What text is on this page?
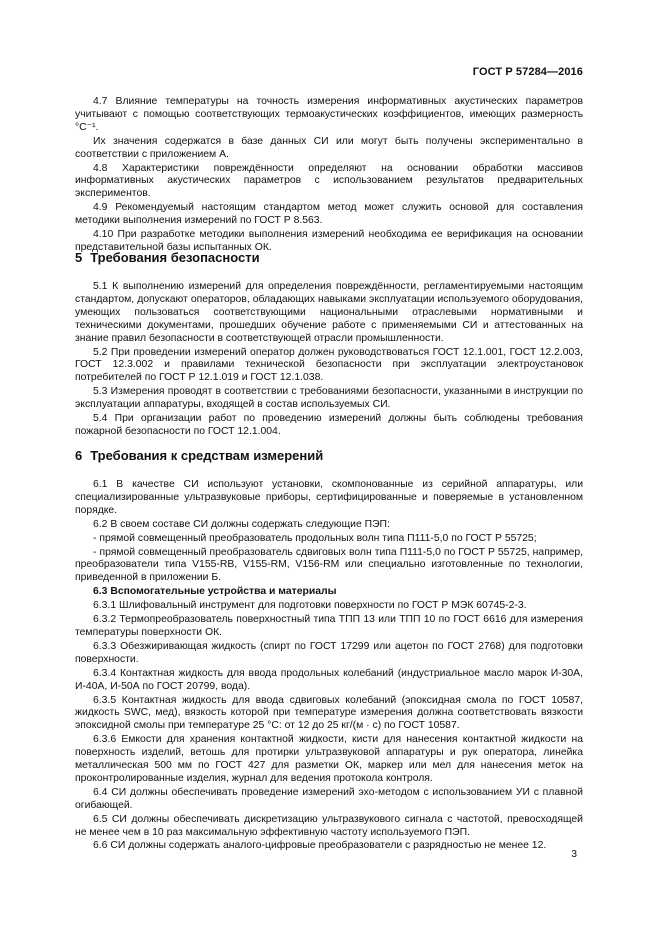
ГОСТ Р 57284—2016

4.7 Влияние температуры на точность измерения информативных акустических параметров учитывают с помощью соответствующих термоакустических коэффициентов, имеющих размерность °С⁻¹.

Их значения содержатся в базе данных СИ или могут быть получены экспериментально в соответствии с приложением А.

4.8 Характеристики повреждённости определяют на основании обработки массивов информативных акустических параметров с использованием результатов предварительных экспериментов.

4.9 Рекомендуемый настоящим стандартом метод может служить основой для составления методики выполнения измерений по ГОСТ Р 8.563.

4.10 При разработке методики выполнения измерений необходима ее верификация на основании представительной базы испытанных ОК.

5 Требования безопасности

5.1 К выполнению измерений для определения повреждённости, регламентируемыми настоящим стандартом, допускают операторов, обладающих навыками эксплуатации используемого оборудования, умеющих пользоваться соответствующими национальными отраслевыми нормативными и техническими документами, прошедших обучение работе с применяемыми СИ и аттестованных на знание правил безопасности в соответствующей отрасли промышленности.

5.2 При проведении измерений оператор должен руководствоваться ГОСТ 12.1.001, ГОСТ 12.2.003, ГОСТ 12.3.002 и правилами технической безопасности при эксплуатации электроустановок потребителей по ГОСТ Р 12.1.019 и ГОСТ 12.1.038.

5.3 Измерения проводят в соответствии с требованиями безопасности, указанными в инструкции по эксплуатации аппаратуры, входящей в состав используемых СИ.

5.4 При организации работ по проведению измерений должны быть соблюдены требования пожарной безопасности по ГОСТ 12.1.004.

6 Требования к средствам измерений

6.1 В качестве СИ используют установки, скомпонованные из серийной аппаратуры, или специализированные ультразвуковые приборы, сертифицированные и поверяемые в установленном порядке.

6.2 В своем составе СИ должны содержать следующие ПЭП:

- прямой совмещенный преобразователь продольных волн типа П111-5,0 по ГОСТ Р 55725;

- прямой совмещенный преобразователь сдвиговых волн типа П111-5,0 по ГОСТ Р 55725, например, преобразователи типа V155-RB, V155-RM, V156-RM или специально изготовленные по технологии, приведенной в приложении Б.

6.3 Вспомогательные устройства и материалы

6.3.1 Шлифовальный инструмент для подготовки поверхности по ГОСТ Р МЭК 60745-2-3.

6.3.2 Термопреобразователь поверхностный типа ТПП 13 или ТПП 10 по ГОСТ 6616 для измерения температуры поверхности ОК.

6.3.3 Обезжиривающая жидкость (спирт по ГОСТ 17299 или ацетон по ГОСТ 2768) для подготовки поверхности.

6.3.4 Контактная жидкость для ввода продольных колебаний (индустриальное масло марок И-30А, И-40А, И-50А по ГОСТ 20799, вода).

6.3.5 Контактная жидкость для ввода сдвиговых колебаний (эпоксидная смола по ГОСТ 10587, жидкость SWC, мед), вязкость которой при температуре измерения должна соответствовать вязкости эпоксидной смолы при температуре 25 °С: от 12 до 25 кг/(м · с) по ГОСТ 10587.

6.3.6 Емкости для хранения контактной жидкости, кисти для нанесения контактной жидкости на поверхность изделий, ветошь для протирки ультразвуковой аппаратуры и рук оператора, линейка металлическая 500 мм по ГОСТ 427 для разметки ОК, маркер или мел для нанесения меток на проконтролированные изделия, журнал для ведения протокола контроля.

6.4 СИ должны обеспечивать проведение измерений эхо-методом с использованием УИ с плавной огибающей.

6.5 СИ должны обеспечивать дискретизацию ультразвукового сигнала с частотой, превосходящей не менее чем в 10 раз максимальную эффективную частоту используемого ПЭП.

6.6 СИ должны содержать аналого-цифровые преобразователи с разрядностью не менее 12.

3
